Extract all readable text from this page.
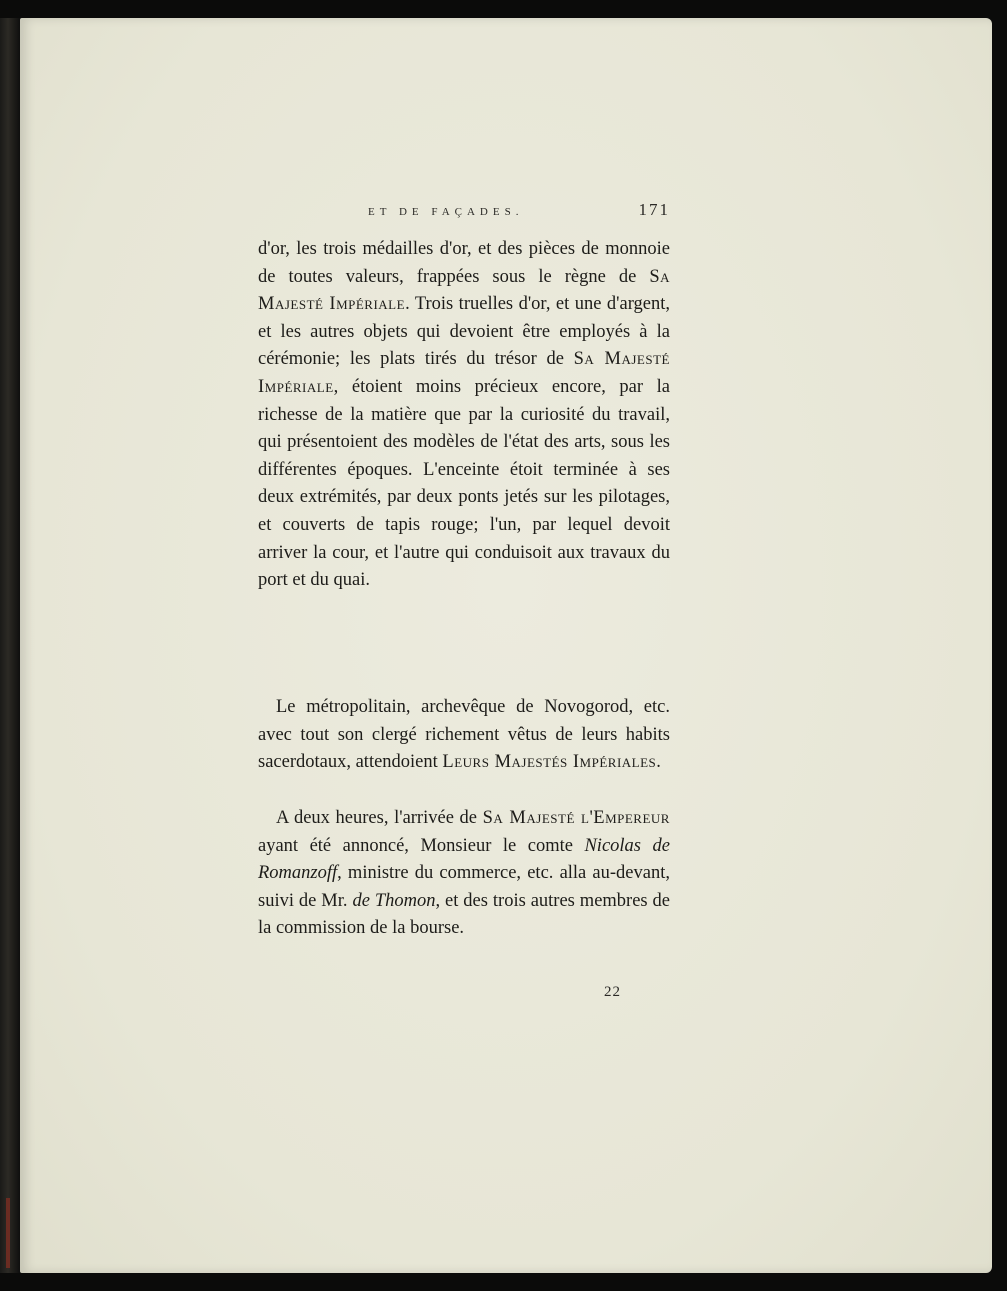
ET DE FAÇADES.	171

d'or, les trois médailles d'or, et des pièces de monnoie de toutes valeurs, frappées sous le règne de Sa Majesté Impériale. Trois truelles d'or, et une d'argent, et les autres objets qui devoient être employés à la cérémonie; les plats tirés du trésor de Sa Majesté Impériale, étoient moins précieux encore, par la richesse de la matière que par la curiosité du travail, qui présentoient des modèles de l'état des arts, sous les différentes époques. L'enceinte étoit terminée à ses deux extrémités, par deux ponts jetés sur les pilotages, et couverts de tapis rouge; l'un, par lequel devoit arriver la cour, et l'autre qui conduisoit aux travaux du port et du quai.

Le métropolitain, archevêque de Novogorod, etc. avec tout son clergé richement vêtus de leurs habits sacerdotaux, attendoient Leurs Majestés Impériales.

A deux heures, l'arrivée de Sa Majesté l'Empereur ayant été annoncé, Monsieur le comte Nicolas de Romanzoff, ministre du commerce, etc. alla au-devant, suivi de Mr. de Thomon, et des trois autres membres de la commission de la bourse.

22
